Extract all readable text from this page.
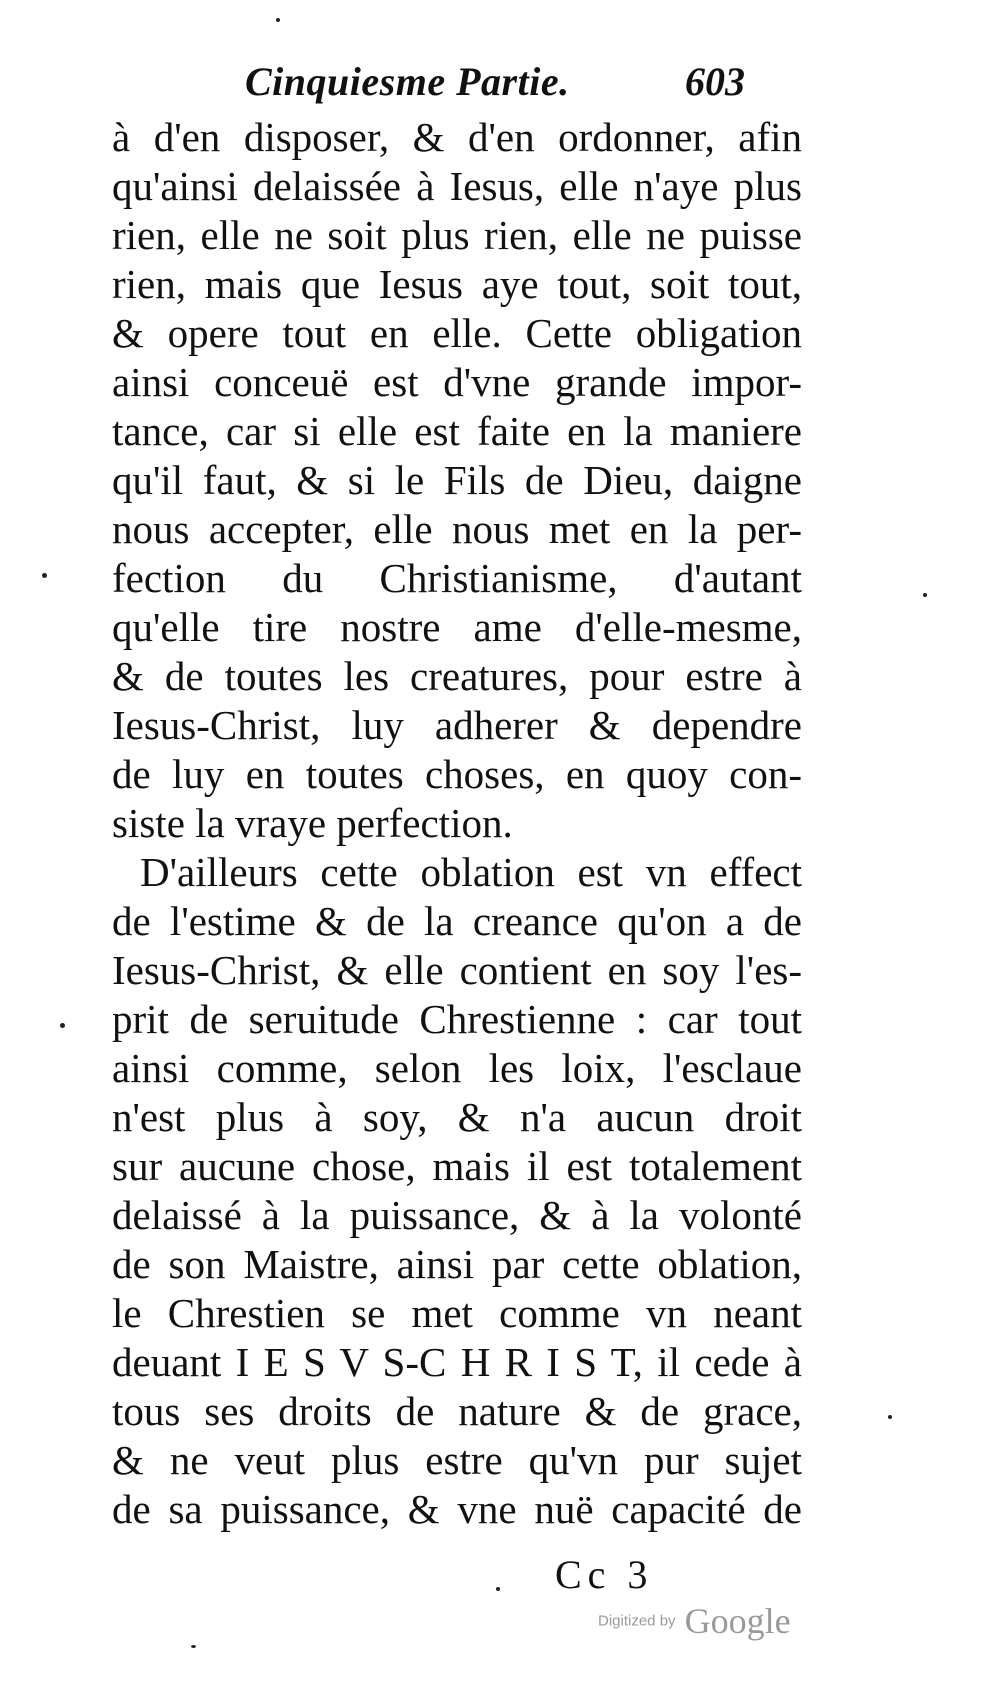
Cinquiesme Partie.	603
à d'en disposer, & d'en ordonner, afin
qu'ainsi delaissée à Iesus, elle n'aye plus
rien, elle ne soit plus rien, elle ne puisse
rien, mais que Iesus aye tout, soit tout,
& opere tout en elle. Cette obligation
ainsi conceuë est d'vne grande impor-
tance, car si elle est faite en la maniere
qu'il faut, & si le Fils de Dieu, daigne
nous accepter, elle nous met en la per-
fection du Christianisme, d'autant
qu'elle tire nostre ame d'elle-mesme,
& de toutes les creatures, pour estre à
Iesus-Christ, luy adherer & dependre
de luy en toutes choses, en quoy con-
siste la vraye perfection.
D'ailleurs cette oblation est vn effect
de l'estime & de la creance qu'on a de
Iesus-Christ, & elle contient en soy l'es-
prit de seruitude Chrestienne : car tout
ainsi comme, selon les loix, l'esclaue
n'est plus à soy, & n'a aucun droit
sur aucune chose, mais il est totalement
delaissé à la puissance, & à la volonté
de son Maistre, ainsi par cette oblation,
le Chrestien se met comme vn neant
deuant I E S V S-C H R I S T, il cede à
tous ses droits de nature & de grace,
& ne veut plus estre qu'vn pur sujet
de sa puissance, & vne nuë capacité de
Cc 3
Digitized by Google
